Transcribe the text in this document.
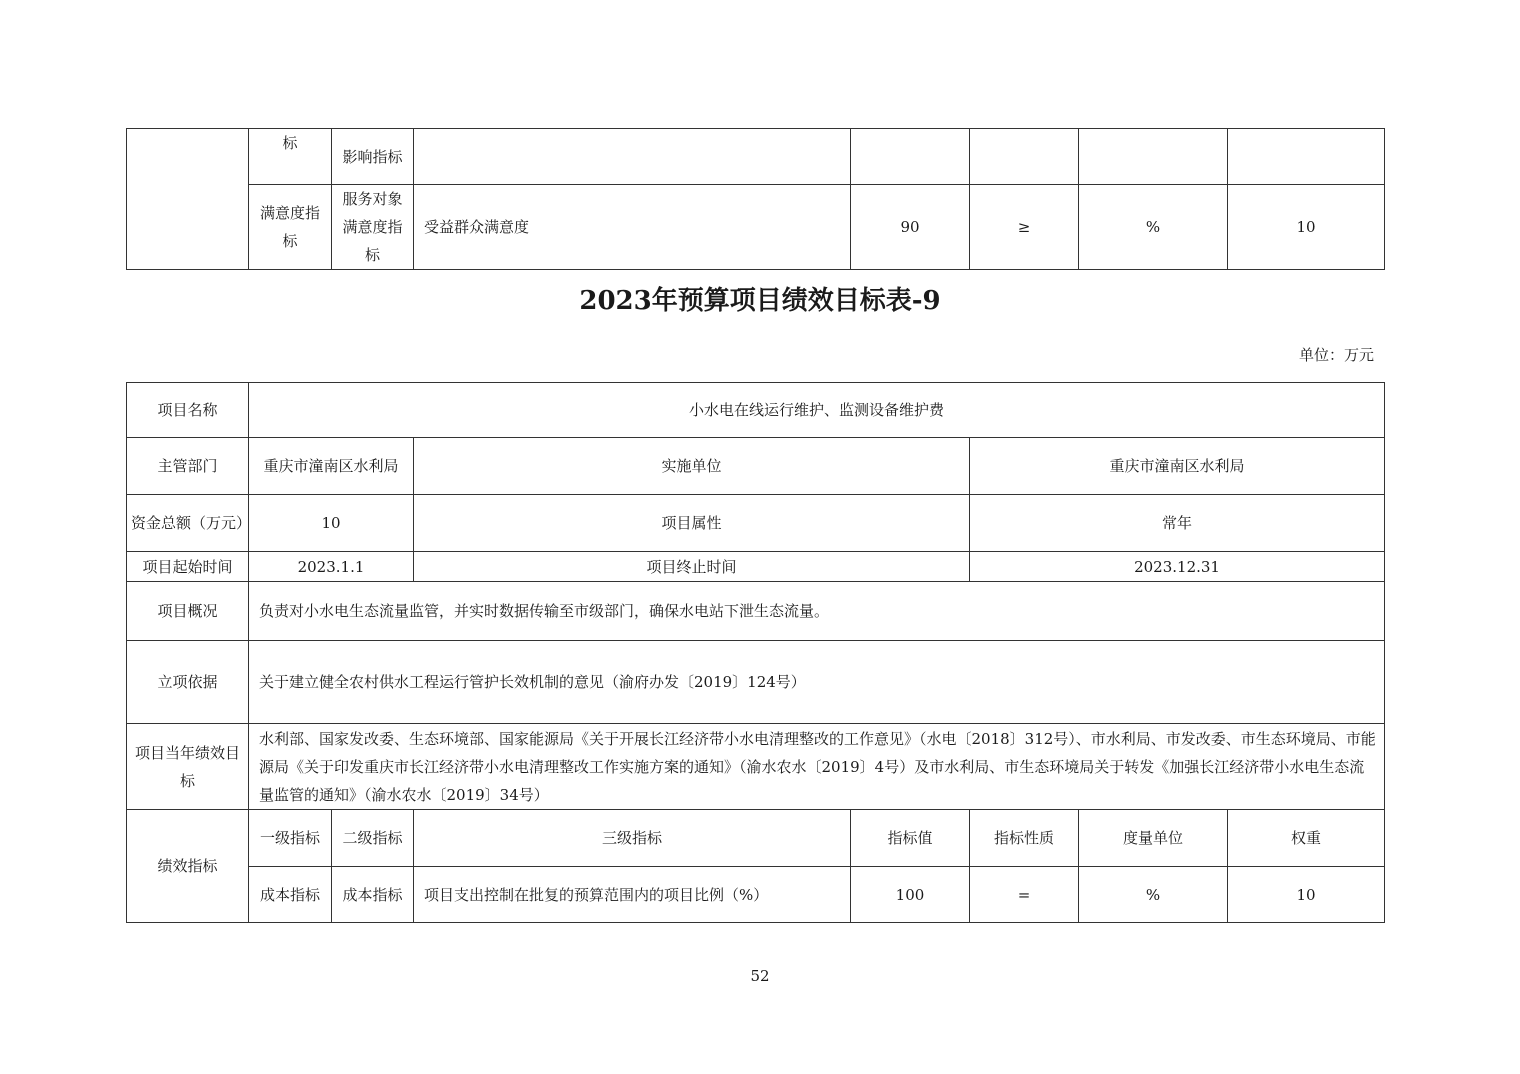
	标	影响指标					
	满意度指标	服务对象满意度指标	受益群众满意度	90	≥	%	10
2023年预算项目绩效目标表-9
单位：万元
项目名称	小水电在线运行维护、监测设备维护费						
主管部门	重庆市潼南区水利局		实施单位		重庆市潼南区水利局		
资金总额（万元）	10		项目属性		常年		
项目起始时间	2023.1.1		项目终止时间		2023.12.31		
项目概况	负责对小水电生态流量监管，并实时数据传输至市级部门，确保水电站下泄生态流量。						
立项依据	关于建立健全农村供水工程运行管护长效机制的意见（渝府办发〔2019〕124号）						
项目当年绩效目标	水利部、国家发改委、生态环境部、国家能源局《关于开展长江经济带小水电清理整改的工作意见》（水电〔2018〕312号）、市水利局、市发改委、市生态环境局、市能源局《关于印发重庆市长江经济带小水电清理整改工作实施方案的通知》（渝水农水〔2019〕4号）及市水利局、市生态环境局关于转发《加强长江经济带小水电生态流量监管的通知》（渝水农水〔2019〕34号）						
绩效指标	一级指标	二级指标	三级指标	指标值	指标性质	度量单位	权重
	成本指标	成本指标	项目支出控制在批复的预算范围内的项目比例（%）	100	=	%	10
52
